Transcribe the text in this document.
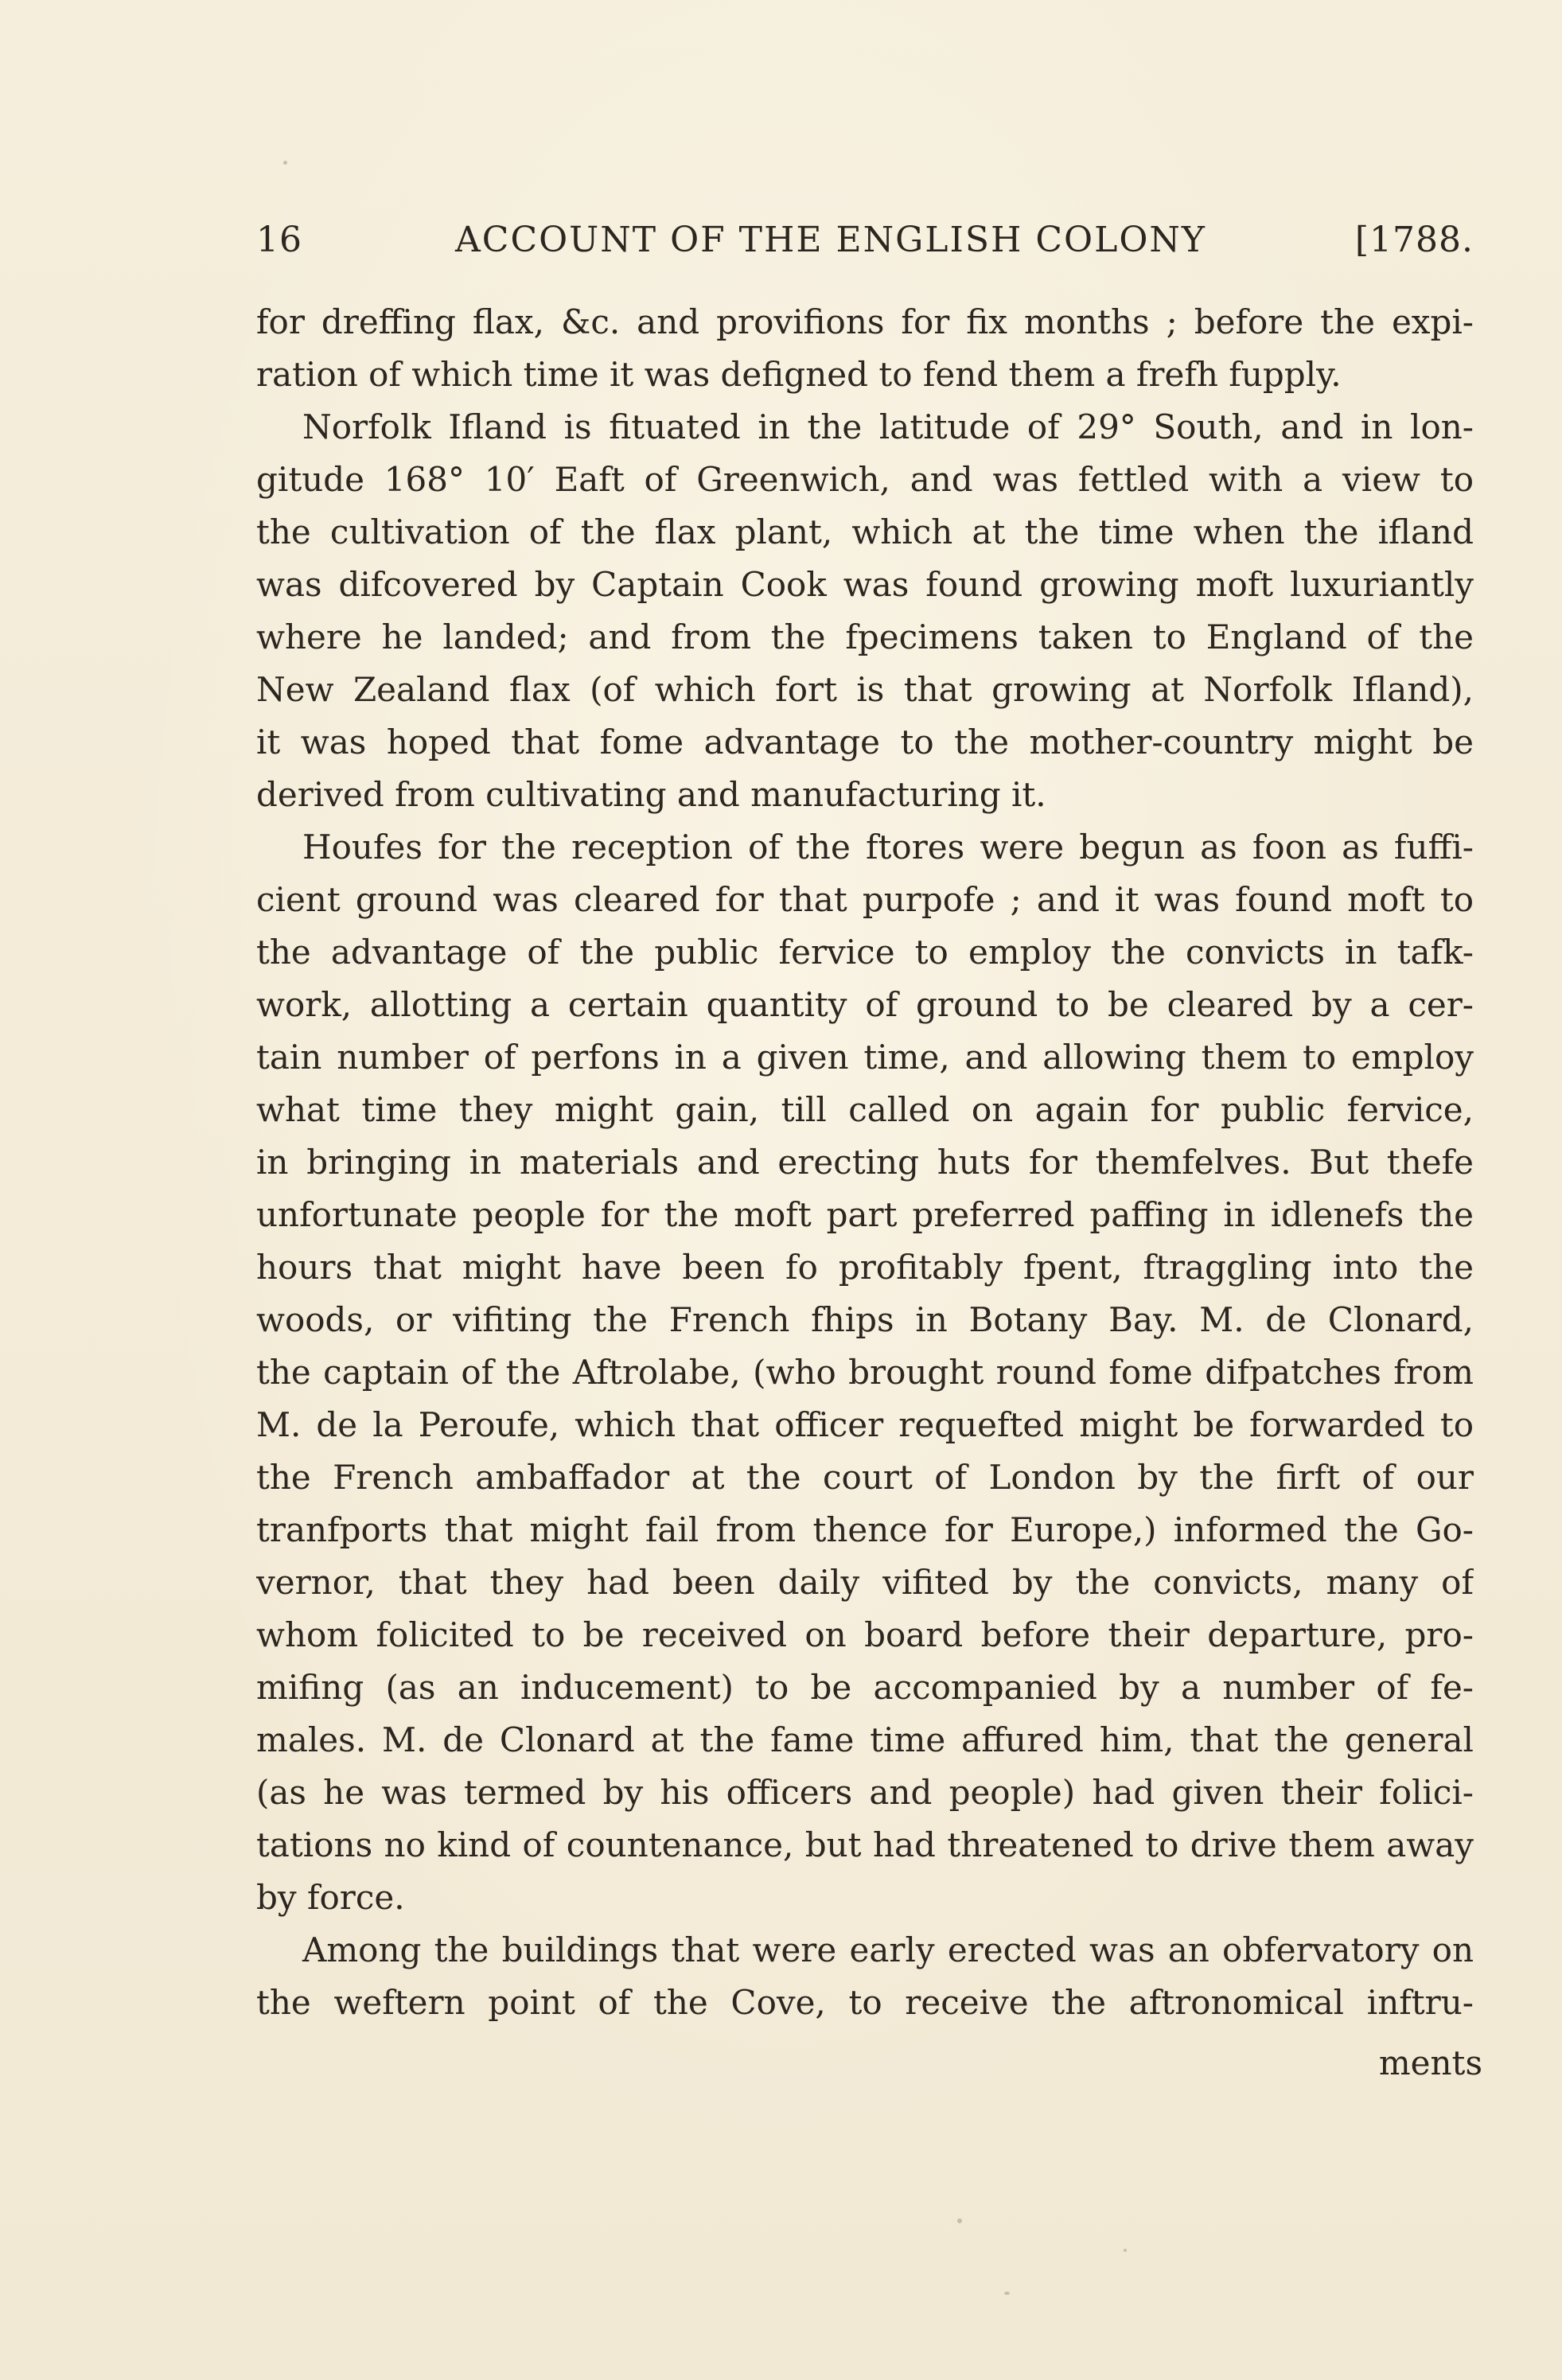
16	ACCOUNT OF THE ENGLISH COLONY	[1788.
for dreffing flax, &c. and provifions for fix months ; before the expi-
ration of which time it was defigned to fend them a frefh fupply.
Norfolk Ifland is fituated in the latitude of 29° South, and in lon-
gitude 168° 10′ Eaft of Greenwich, and was fettled with a view to
the cultivation of the flax plant, which at the time when the ifland
was difcovered by Captain Cook was found growing moft luxuriantly
where he landed; and from the fpecimens taken to England of the
New Zealand flax (of which fort is that growing at Norfolk Ifland),
it was hoped that fome advantage to the mother-country might be
derived from cultivating and manufacturing it.
Houfes for the reception of the ftores were begun as foon as fuffi-
cient ground was cleared for that purpofe ; and it was found moft to
the advantage of the public fervice to employ the convicts in tafk-
work, allotting a certain quantity of ground to be cleared by a cer-
tain number of perfons in a given time, and allowing them to employ
what time they might gain, till called on again for public fervice,
in bringing in materials and erecting huts for themfelves. But thefe
unfortunate people for the moft part preferred paffing in idlenefs the
hours that might have been fo profitably fpent, ftraggling into the
woods, or vifiting the French fhips in Botany Bay. M. de Clonard,
the captain of the Aftrolabe, (who brought round fome difpatches from
M. de la Peroufe, which that officer requefted might be forwarded to
the French ambaffador at the court of London by the firft of our
tranfports that might fail from thence for Europe,) informed the Go-
vernor, that they had been daily vifited by the convicts, many of
whom folicited to be received on board before their departure, pro-
mifing (as an inducement) to be accompanied by a number of fe-
males. M. de Clonard at the fame time affured him, that the general
(as he was termed by his officers and people) had given their folici-
tations no kind of countenance, but had threatened to drive them away
by force.
Among the buildings that were early erected was an obfervatory on
the weftern point of the Cove, to receive the aftronomical inftru-
ments
